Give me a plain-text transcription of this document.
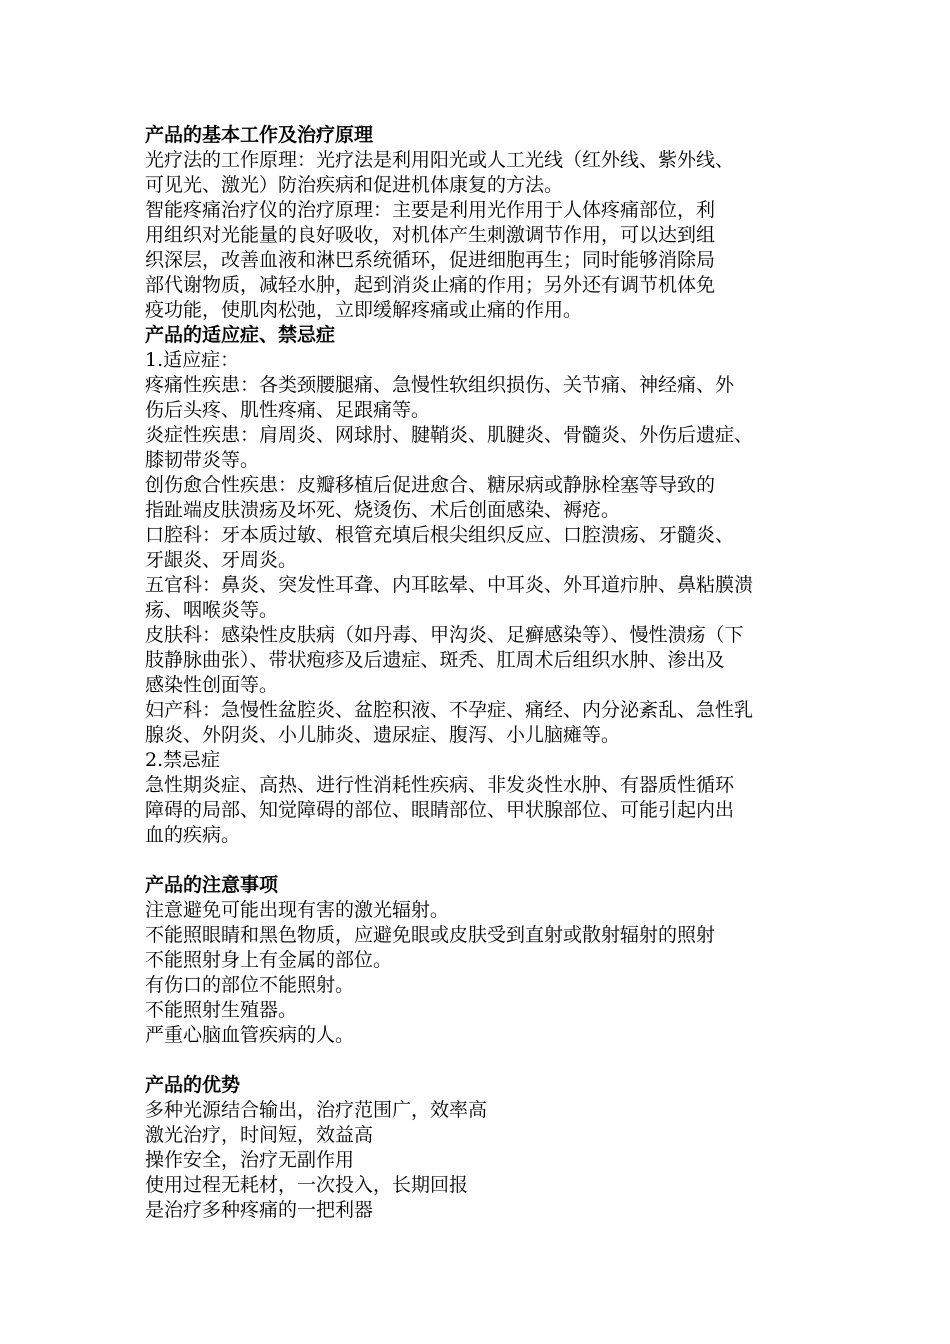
产品的基本工作及治疗原理
光疗法的工作原理：光疗法是利用阳光或人工光线（红外线、紫外线、
可见光、激光）防治疾病和促进机体康复的方法。
智能疼痛治疗仪的治疗原理：主要是利用光作用于人体疼痛部位，利
用组织对光能量的良好吸收，对机体产生刺激调节作用，可以达到组
织深层，改善血液和淋巴系统循环，促进细胞再生；同时能够消除局
部代谢物质，减轻水肿，起到消炎止痛的作用；另外还有调节机体免
疫功能，使肌肉松弛，立即缓解疼痛或止痛的作用。
产品的适应症、禁忌症
1.适应症：
疼痛性疾患：各类颈腰腿痛、急慢性软组织损伤、关节痛、神经痛、外
伤后头疼、肌性疼痛、足跟痛等。
炎症性疾患：肩周炎、网球肘、腱鞘炎、肌腱炎、骨髓炎、外伤后遗症、
膝韧带炎等。
创伤愈合性疾患：皮瓣移植后促进愈合、糖尿病或静脉栓塞等导致的
指趾端皮肤溃疡及坏死、烧烫伤、术后创面感染、褥疮。
口腔科：牙本质过敏、根管充填后根尖组织反应、口腔溃疡、牙髓炎、
牙龈炎、牙周炎。
五官科：鼻炎、突发性耳聋、内耳眩晕、中耳炎、外耳道疖肿、鼻粘膜溃
疡、咽喉炎等。
皮肤科：感染性皮肤病（如丹毒、甲沟炎、足癣感染等）、慢性溃疡（下
肢静脉曲张）、带状疱疹及后遗症、斑秃、肛周术后组织水肿、渗出及
感染性创面等。
妇产科：急慢性盆腔炎、盆腔积液、不孕症、痛经、内分泌紊乱、急性乳
腺炎、外阴炎、小儿肺炎、遗尿症、腹泻、小儿脑瘫等。
2.禁忌症
急性期炎症、高热、进行性消耗性疾病、非发炎性水肿、有器质性循环
障碍的局部、知觉障碍的部位、眼睛部位、甲状腺部位、可能引起内出
血的疾病。
产品的注意事项
注意避免可能出现有害的激光辐射。
不能照眼睛和黑色物质，应避免眼或皮肤受到直射或散射辐射的照射
不能照射身上有金属的部位。
有伤口的部位不能照射。
不能照射生殖器。
严重心脑血管疾病的人。
产品的优势
多种光源结合输出，治疗范围广，效率高
激光治疗，时间短，效益高
操作安全，治疗无副作用
使用过程无耗材，一次投入，长期回报
是治疗多种疼痛的一把利器
